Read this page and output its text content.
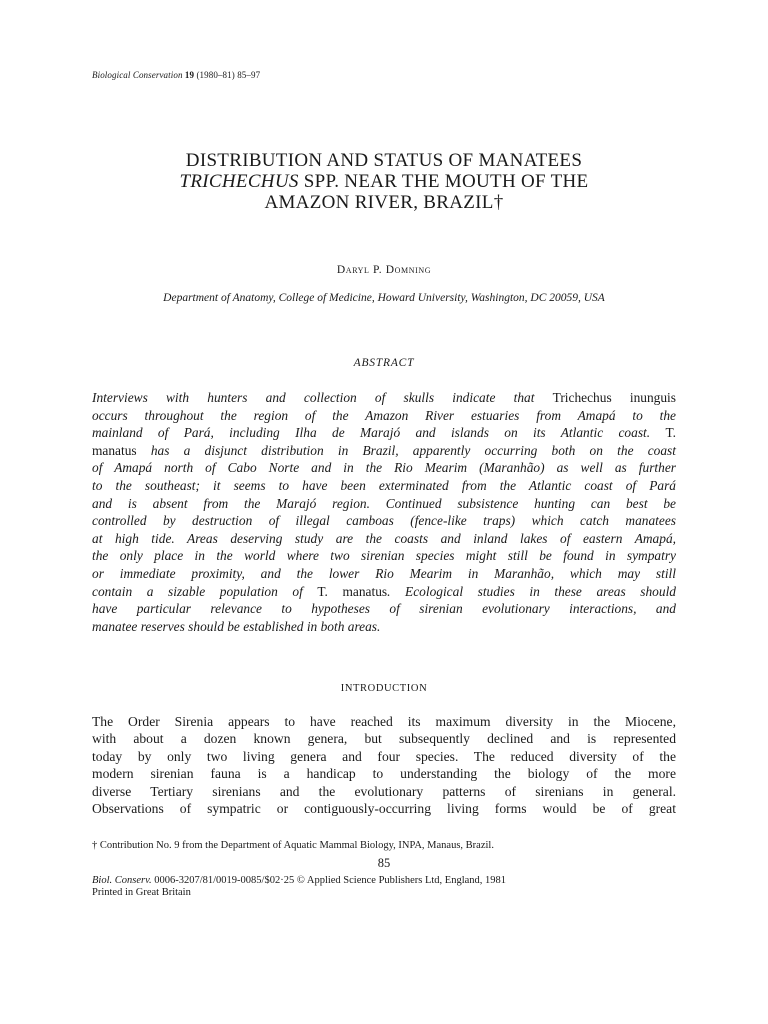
Biological Conservation 19 (1980–81) 85–97
DISTRIBUTION AND STATUS OF MANATEES
TRICHECHUS SPP. NEAR THE MOUTH OF THE
AMAZON RIVER, BRAZIL†
Daryl P. Domning
Department of Anatomy, College of Medicine, Howard University, Washington, DC 20059, USA
ABSTRACT
Interviews with hunters and collection of skulls indicate that Trichechus inunguis
occurs throughout the region of the Amazon River estuaries from Amapá to the
mainland of Pará, including Ilha de Marajó and islands on its Atlantic coast. T.
manatus has a disjunct distribution in Brazil, apparently occurring both on the coast
of Amapá north of Cabo Norte and in the Rio Mearim (Maranhão) as well as further
to the southeast; it seems to have been exterminated from the Atlantic coast of Pará
and is absent from the Marajó region. Continued subsistence hunting can best be
controlled by destruction of illegal camboas (fence-like traps) which catch manatees
at high tide. Areas deserving study are the coasts and inland lakes of eastern Amapá,
the only place in the world where two sirenian species might still be found in sympatry
or immediate proximity, and the lower Rio Mearim in Maranhão, which may still
contain a sizable population of T. manatus. Ecological studies in these areas should
have particular relevance to hypotheses of sirenian evolutionary interactions, and
manatee reserves should be established in both areas.
INTRODUCTION
The Order Sirenia appears to have reached its maximum diversity in the Miocene,
with about a dozen known genera, but subsequently declined and is represented
today by only two living genera and four species. The reduced diversity of the
modern sirenian fauna is a handicap to understanding the biology of the more
diverse Tertiary sirenians and the evolutionary patterns of sirenians in general.
Observations of sympatric or contiguously-occurring living forms would be of great
† Contribution No. 9 from the Department of Aquatic Mammal Biology, INPA, Manaus, Brazil.
85
Biol. Conserv. 0006-3207/81/0019-0085/$02·25 © Applied Science Publishers Ltd, England, 1981
Printed in Great Britain
